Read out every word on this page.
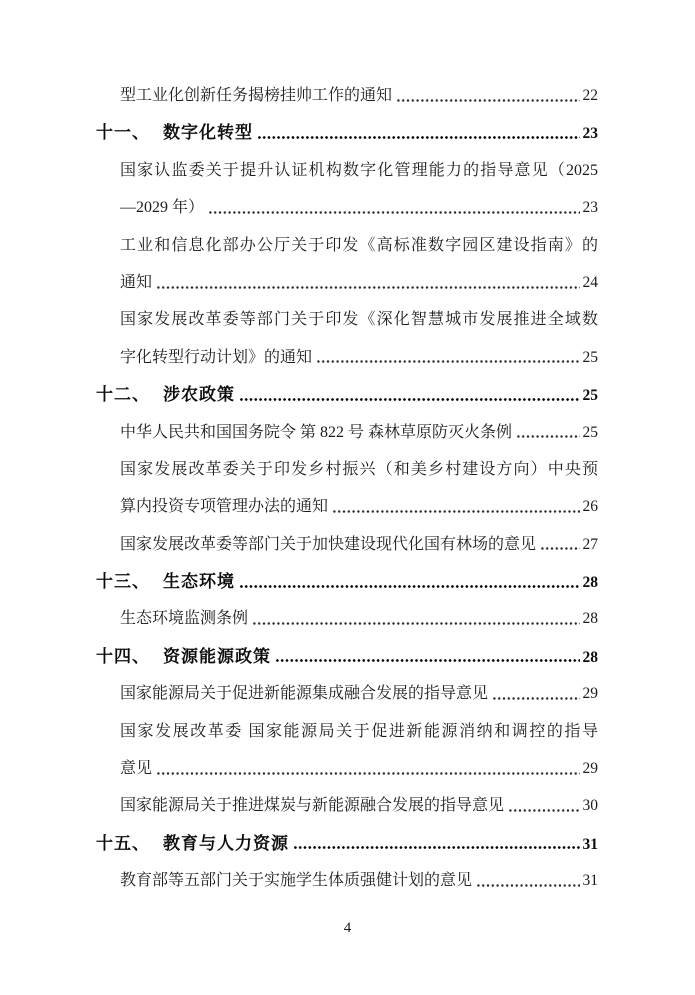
型工业化创新任务揭榜挂帅工作的通知	22
十一、 数字化转型	23
国家认监委关于提升认证机构数字化管理能力的指导意见（2025
—2029 年）	23
工业和信息化部办公厅关于印发《高标准数字园区建设指南》的
通知	24
国家发展改革委等部门关于印发《深化智慧城市发展推进全域数
字化转型行动计划》的通知	25
十二、 涉农政策	25
中华人民共和国国务院令 第 822 号 森林草原防灭火条例	25
国家发展改革委关于印发乡村振兴（和美乡村建设方向）中央预
算内投资专项管理办法的通知	26
国家发展改革委等部门关于加快建设现代化国有林场的意见	27
十三、 生态环境	28
生态环境监测条例	28
十四、 资源能源政策	28
国家能源局关于促进新能源集成融合发展的指导意见	29
国家发展改革委 国家能源局关于促进新能源消纳和调控的指导
意见	29
国家能源局关于推进煤炭与新能源融合发展的指导意见	30
十五、 教育与人力资源	31
教育部等五部门关于实施学生体质强健计划的意见	31
4
